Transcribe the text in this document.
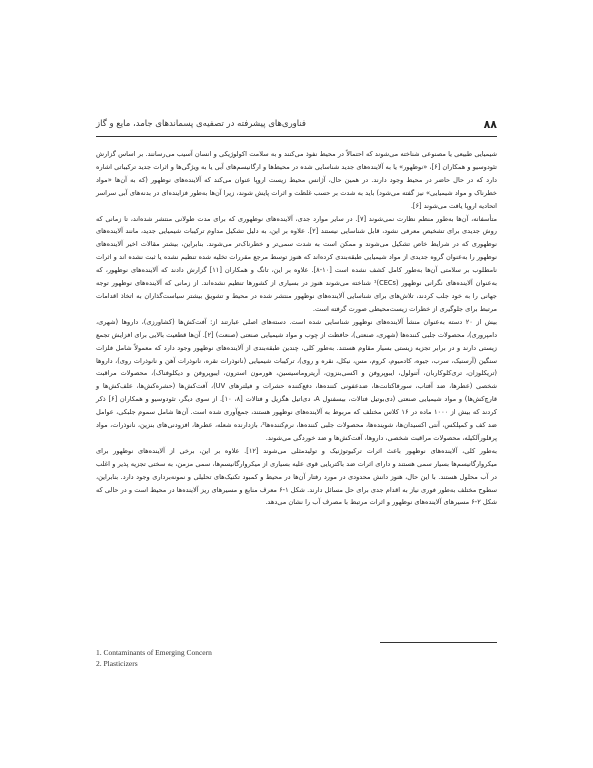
۸۸
فناوری‌های پیشرفته در تصفیه‌ی پسماندهای جامد، مایع و گاز

شیمیایی طبیعی یا مصنوعی شناخته می‌شوند که احتمالاً در محیط نفوذ می‌کنند و به سلامت اکولوژیکی و انسان آسیب می‌رسانند. بر اساس گزارش تئودوسیو و همکاران [۶]، «نوظهور» یا به آلاینده‌های جدید شناسایی شده در محیط‌ها و ارگانیسم‌های آبی یا به ویژگی‌ها و اثرات جدید ترکیباتی اشاره دارد که در حال حاضر در محیط وجود دارند. در همین حال، آژانس محیط زیست اروپا عنوان می‌کند که آلاینده‌های نوظهور (که به آن‌ها «مواد خطرناک و مواد شیمیایی» نیز گفته می‌شود) باید به شدت بر حسب غلظت و اثرات پایش شوند، زیرا آن‌ها به‌طور فزاینده‌ای در بدنه‌های آبی سراسر اتحادیه اروپا یافت می‌شوند [۶].

متأسفانه، آن‌ها به‌طور منظم نظارت نمی‌شوند [۷]. در سایر موارد جدی، آلاینده‌های نوظهوری که برای مدت طولانی منتشر شده‌اند، تا زمانی که روش جدیدی برای تشخیص معرفی نشود، قابل شناسایی نیستند [۲]. علاوه بر این، به دلیل تشکیل مداوم ترکیبات شیمیایی جدید، مانند آلاینده‌های نوظهوری که در شرایط خاص تشکیل می‌شوند و ممکن است به شدت سمی‌تر و خطرناک‌تر می‌شوند. بنابراین، بیشتر مقالات اخیر آلاینده‌های نوظهور را به‌عنوان گروه جدیدی از مواد شیمیایی طبقه‌بندی کرده‌اند که هنوز توسط مرجع مقررات تخلیه شده تنظیم نشده یا ثبت نشده اند و اثرات نامطلوب بر سلامتی آن‌ها به‌طور کامل کشف نشده است [۱۰-۸]. علاوه بر این، تانگ و همکاران [۱۱] گزارش دادند که آلاینده‌های نوظهور، که به‌عنوان آلاینده‌های نگرانی نوظهور (CECs)¹ شناخته می‌شوند هنوز در بسیاری از کشورها تنظیم نشده‌اند. از زمانی که آلاینده‌های نوظهور توجه جهانی را به خود جلب کردند، تلاش‌های برای شناسایی آلاینده‌های نوظهور منتشر شده در محیط و تشویق بیشتر سیاست‌گذاران به اتخاذ اقدامات مرتبط برای جلوگیری از خطرات زیست‌محیطی صورت گرفته است.

بیش از ۲۰ دسته به‌عنوان منشأ آلاینده‌های نوظهور شناسایی شده است. دسته‌های اصلی عبارتند از: آفت‌کش‌ها (کشاورزی)، داروها (شهری، دامپروری)، محصولات جلبی کننده‌ها (شهری، صنعتی)، حافظت از چوب و مواد شیمیایی صنعتی (صنعت) [۲]. آن‌ها قطعیت بالایی برای افزایش تجمع زیستی دارند و در برابر تجزیه زیستی بسیار مقاوم هستند. به‌طور کلی، چندین طبقه‌بندی از آلاینده‌های نوظهور وجود دارد که معمولاً شامل فلزات سنگین (آرسنیک، سرب، جیوه، کادمیوم، کروم، مس، نیکل، نقره و روی)، ترکیبات شیمیایی (نانوذرات نقره، نانوذرات آهن و نانوذرات روی)، داروها (تریکلوزان، تری‌کلوکاربان، آتنولول، ایبوپروفن و اکسی‌بنزون، آریتروماسیسین، هورمون استرون، ایبوپروفن و دیکلوفناک)، محصولات مراقبت شخصی (عطرها، ضد آفتاب، سورفاکتانت‌ها، ضدعفونی کننده‌ها، دفع‌کننده حشرات و فیلترهای UV)، آفت‌کش‌ها (حشره‌کش‌ها، علف‌کش‌ها و قارچ‌کش‌ها) و مواد شیمیایی صنعتی (دی‌بوتیل فتالات، بیسفنول A، دی‌اتیل هگزیل و فتالات [۸، ۱۰]. از سوی دیگر، تئودوسیو و همکاران [۶] ذکر کردند که بیش از ۱۰۰۰ ماده در ۱۶ کلاس مختلف که مربوط به آلاینده‌های نوظهور هستند، جمع‌آوری شده است. آن‌ها شامل سموم جلبکی، عوامل ضد کف و کمپلکس، آنتی اکسیدان‌ها، شوینده‌ها، محصولات جلبی کننده‌ها، نرم‌کننده‌ها²، بازدارنده شعله، عطرها، افزودنی‌های بنزین، نانوذرات، مواد پرفلورآلکیله، محصولات مراقبت شخصی، داروها، آفت‌کش‌ها و ضد خوردگی می‌شوند.

به‌طور کلی، آلاینده‌های نوظهور باعث اثرات ترکیوتوژنیک و تولیدمثلی می‌شوند [۱۲]. علاوه بر این، برخی از آلاینده‌های نوظهور برای میکروارگانیسم‌ها بسیار سمی هستند و دارای اثرات ضد باکتریایی قوی علیه بسیاری از میکروارگانیسم‌ها، سمی مزمن، به سختی تجزیه پذیر و اغلب در آب محلول هستند. با این حال، هنوز دانش محدودی در مورد رفتار آن‌ها در محیط و کمبود تکنیک‌های تحلیلی و نمونه‌برداری وجود دارد. بنابراین، سطوح مختلف به‌طور فوری نیاز به اقدام جدی برای حل مسائل دارند. شکل ۱-۶ معرف منابع و مسیرهای ریز آلاینده‌ها در محیط است و در حالی که شکل ۲-۶ مسیرهای آلاینده‌های نوظهور و اثرات مرتبط با مصرف آب را نشان می‌دهد.

1. Contaminants of Emerging Concern
2. Plasticizers
